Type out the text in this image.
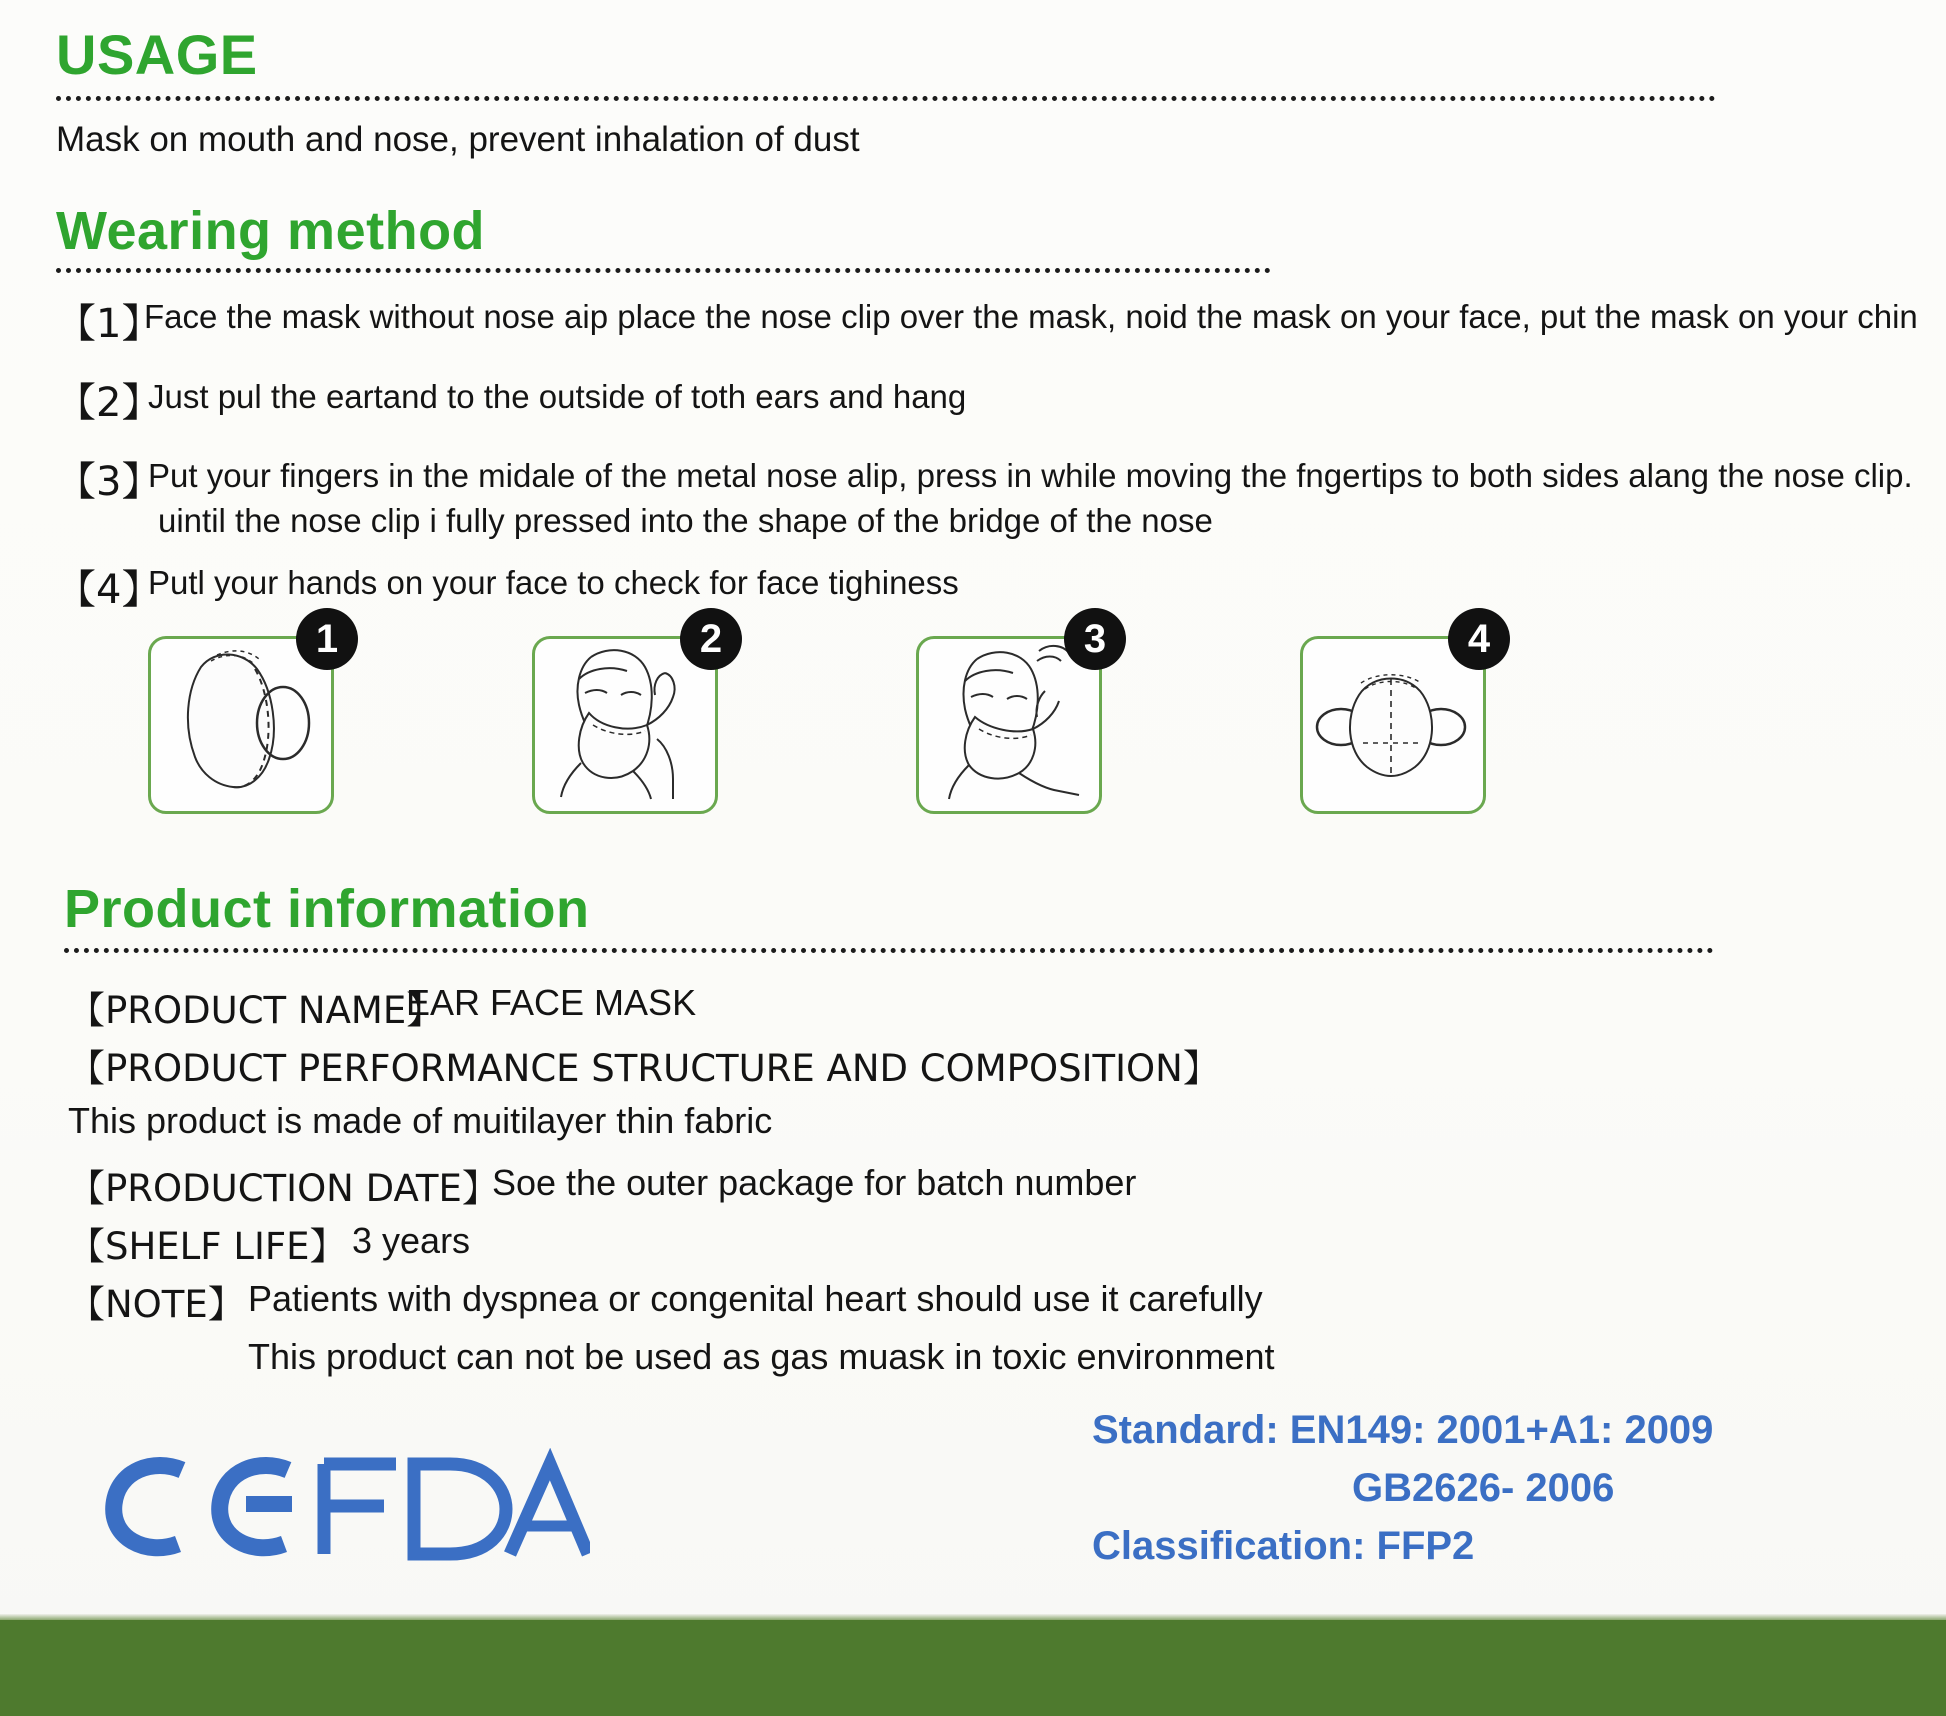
USAGE
Mask on mouth and nose, prevent inhalation of dust
Wearing method
【1】
Face the mask without nose aip place the nose clip over the mask, noid the mask on your face, put the mask on your chin
【2】
Just pul the eartand to the outside of toth ears and hang
【3】
Put your fingers in the midale of the metal nose alip, press in while moving the fngertips to both sides alang the nose clip.
uintil the nose clip i fully pressed into the shape of the bridge of the nose
【4】
Putl your hands on your face to check for face tighiness
1	2	3	4
Product information
【PRODUCT NAME】
EAR FACE MASK
【PRODUCT PERFORMANCE STRUCTURE AND COMPOSITION】
This product is made of muitilayer thin fabric
【PRODUCTION DATE】
Soe the outer package for batch number
【SHELF LIFE】 3 years
【NOTE】 Patients with dyspnea or congenital heart should use it carefully
This product can not be used as gas muask in toxic environment
Standard: EN149: 2001+A1: 2009
GB2626- 2006
Classification: FFP2
